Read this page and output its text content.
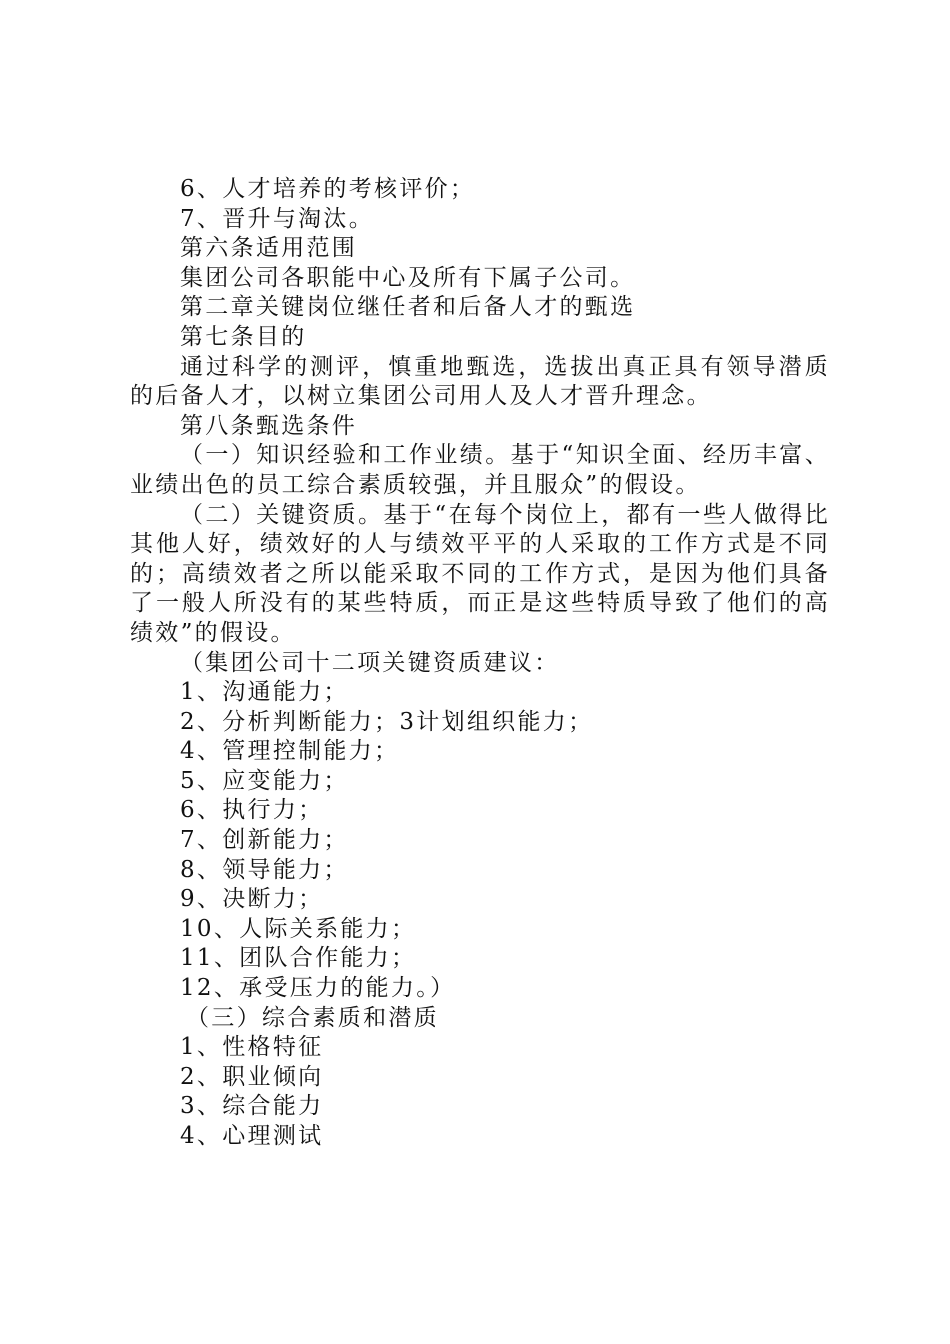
6、人才培养的考核评价；
7、晋升与淘汰。
第六条适用范围
集团公司各职能中心及所有下属子公司。
第二章关键岗位继任者和后备人才的甄选
第七条目的

通过科学的测评，慎重地甄选，选拔出真正具有领导潜质的后备人才，以树立集团公司用人及人才晋升理念。

第八条甄选条件

（一）知识经验和工作业绩。基于“知识全面、经历丰富、业绩出色的员工综合素质较强，并且服众”的假设。

（二）关键资质。基于“在每个岗位上，都有一些人做得比其他人好，绩效好的人与绩效平平的人采取的工作方式是不同的；高绩效者之所以能采取不同的工作方式，是因为他们具备了一般人所没有的某些特质，而正是这些特质导致了他们的高绩效”的假设。

（集团公司十二项关键资质建议：
1、沟通能力；
2、分析判断能力；3计划组织能力；
4、管理控制能力；
5、应变能力；
6、执行力；
7、创新能力；
8、领导能力；
9、决断力；
10、人际关系能力；
11、团队合作能力；
12、承受压力的能力。）
（三）综合素质和潜质
1、性格特征
2、职业倾向
3、综合能力
4、心理测试
